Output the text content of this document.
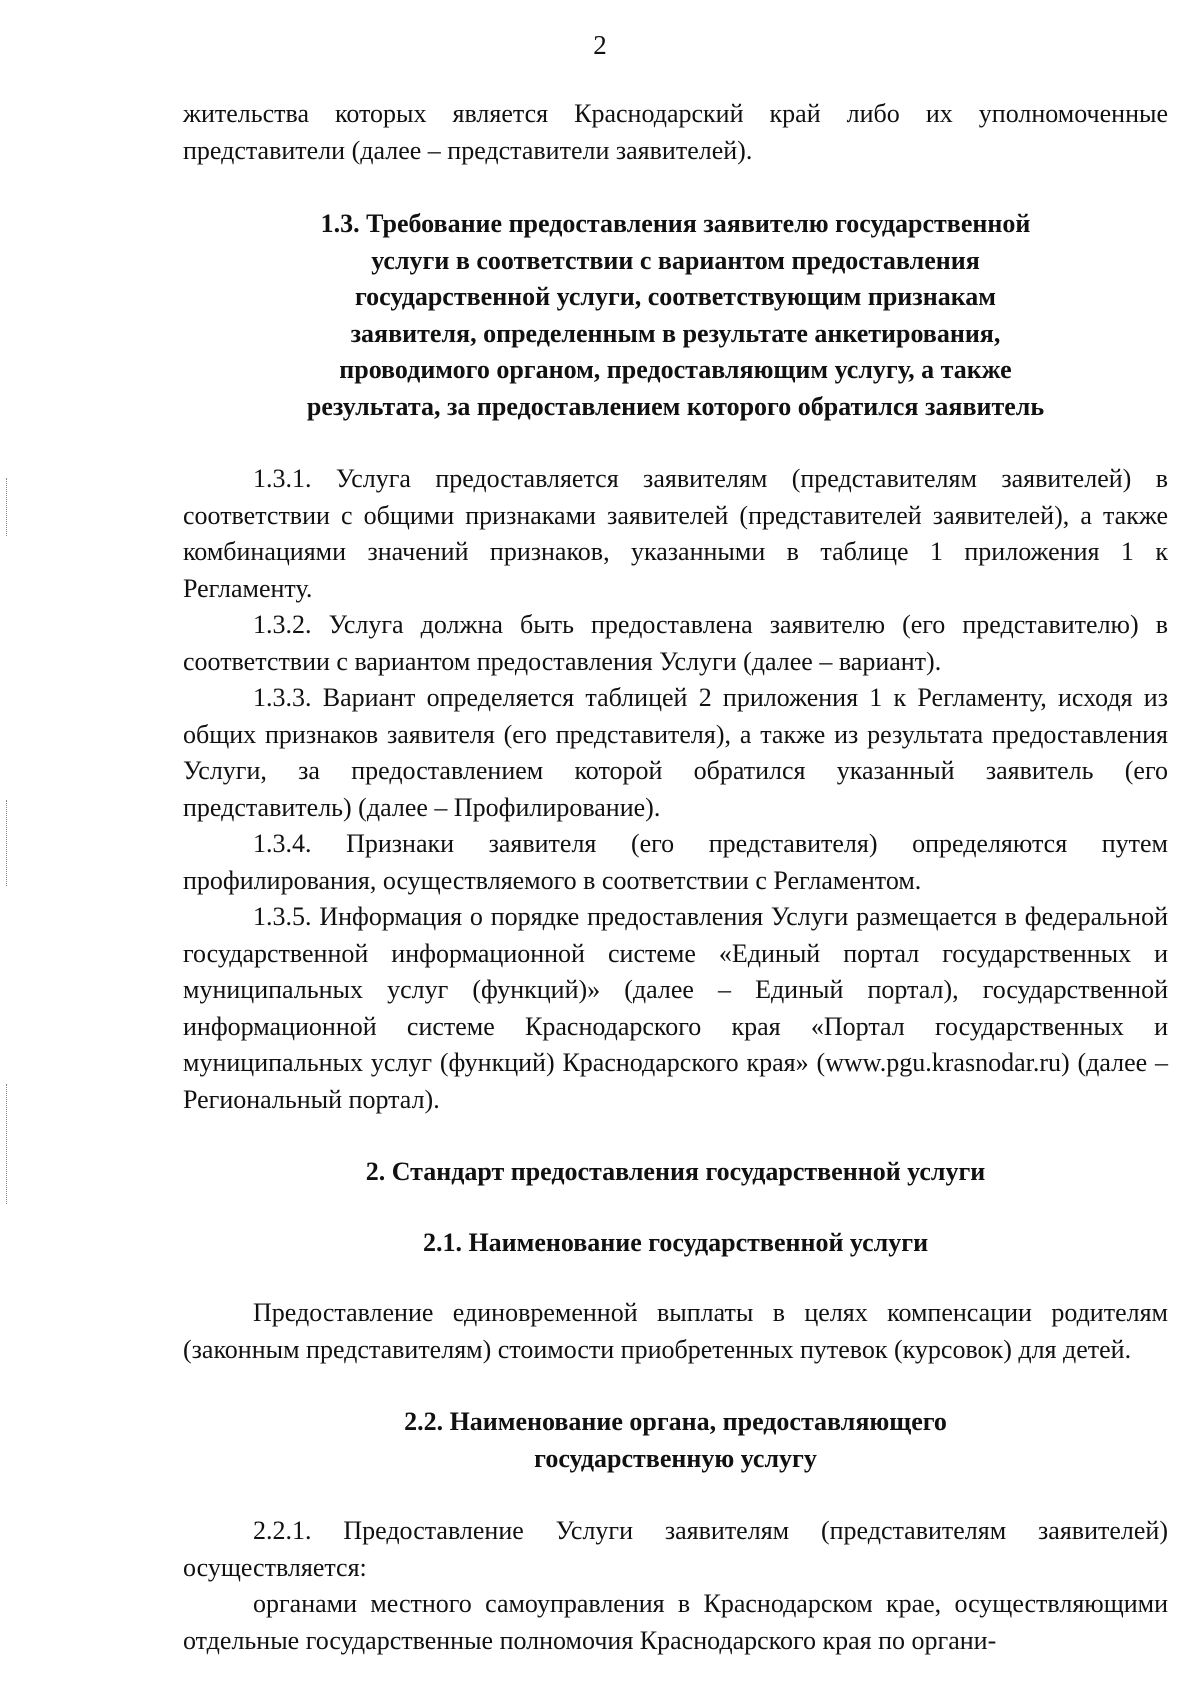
2

жительства которых является Краснодарский край либо их уполномоченные представители (далее – представители заявителей).

1.3. Требование предоставления заявителю государственной
услуги в соответствии с вариантом предоставления
государственной услуги, соответствующим признакам
заявителя, определенным в результате анкетирования,
проводимого органом, предоставляющим услугу, а также
результата, за предоставлением которого обратился заявитель

1.3.1. Услуга предоставляется заявителям (представителям заявителей) в соответствии с общими признаками заявителей (представителей заявителей), а также комбинациями значений признаков, указанными в таблице 1 приложения 1 к Регламенту.

1.3.2. Услуга должна быть предоставлена заявителю (его представителю) в соответствии с вариантом предоставления Услуги (далее – вариант).

1.3.3. Вариант определяется таблицей 2 приложения 1 к Регламенту, исходя из общих признаков заявителя (его представителя), а также из результата предоставления Услуги, за предоставлением которой обратился указанный заявитель (его представитель) (далее – Профилирование).

1.3.4. Признаки заявителя (его представителя) определяются путем профилирования, осуществляемого в соответствии с Регламентом.

1.3.5. Информация о порядке предоставления Услуги размещается в федеральной государственной информационной системе «Единый портал государственных и муниципальных услуг (функций)» (далее – Единый портал), государственной информационной системе Краснодарского края «Портал государственных и муниципальных услуг (функций) Краснодарского края» (www.pgu.krasnodar.ru) (далее – Региональный портал).

2. Стандарт предоставления государственной услуги
2.1. Наименование государственной услуги

Предоставление единовременной выплаты в целях компенсации родителям (законным представителям) стоимости приобретенных путевок (курсовок) для детей.

2.2. Наименование органа, предоставляющего
государственную услугу

2.2.1. Предоставление Услуги заявителям (представителям заявителей) осуществляется:

органами местного самоуправления в Краснодарском крае, осуществляющими отдельные государственные полномочия Краснодарского края по органи-
